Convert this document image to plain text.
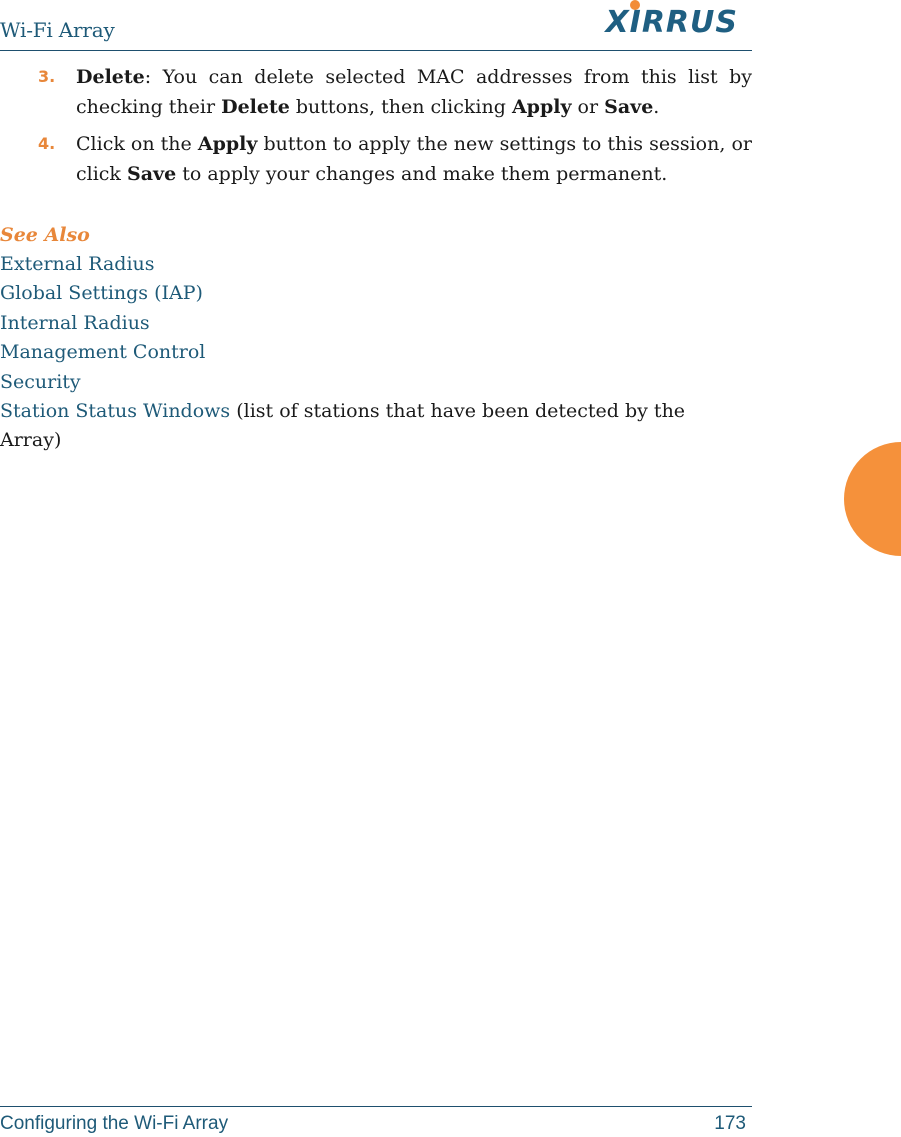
Wi-Fi Array	XIRRUS
3. Delete: You can delete selected MAC addresses from this list by checking their Delete buttons, then clicking Apply or Save.
4. Click on the Apply button to apply the new settings to this session, or click Save to apply your changes and make them permanent.
See Also
External Radius
Global Settings (IAP)
Internal Radius
Management Control
Security
Station Status Windows (list of stations that have been detected by the Array)
Configuring the Wi-Fi Array	173
